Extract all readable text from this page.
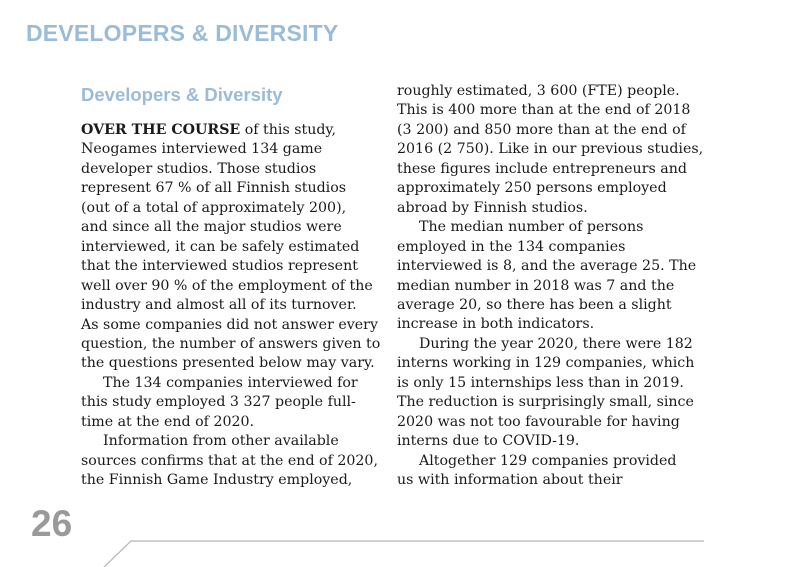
DEVELOPERS & DIVERSITY
Developers & Diversity

OVER THE COURSE of this study,

Neogames interviewed 134 game

developer studios. Those studios

represent 67 % of all Finnish studios

(out of a total of approximately 200),

and since all the major studios were

interviewed, it can be safely estimated

that the interviewed studios represent

well over 90 % of the employment of the

industry and almost all of its turnover.

As some companies did not answer every

question, the number of answers given to

the questions presented below may vary.

The 134 companies interviewed for

this study employed 3 327 people full-

time at the end of 2020.

Information from other available

sources confirms that at the end of 2020,

the Finnish Game Industry employed,

roughly estimated, 3 600 (FTE) people.

This is 400 more than at the end of 2018

(3 200) and 850 more than at the end of

2016 (2 750). Like in our previous studies,

these figures include entrepreneurs and

approximately 250 persons employed

abroad by Finnish studios.

The median number of persons

employed in the 134 companies

interviewed is 8, and the average 25. The

median number in 2018 was 7 and the

average 20, so there has been a slight

increase in both indicators.

During the year 2020, there were 182

interns working in 129 companies, which

is only 15 internships less than in 2019.

The reduction is surprisingly small, since

2020 was not too favourable for having

interns due to COVID-19.

Altogether 129 companies provided

us with information about their

26
